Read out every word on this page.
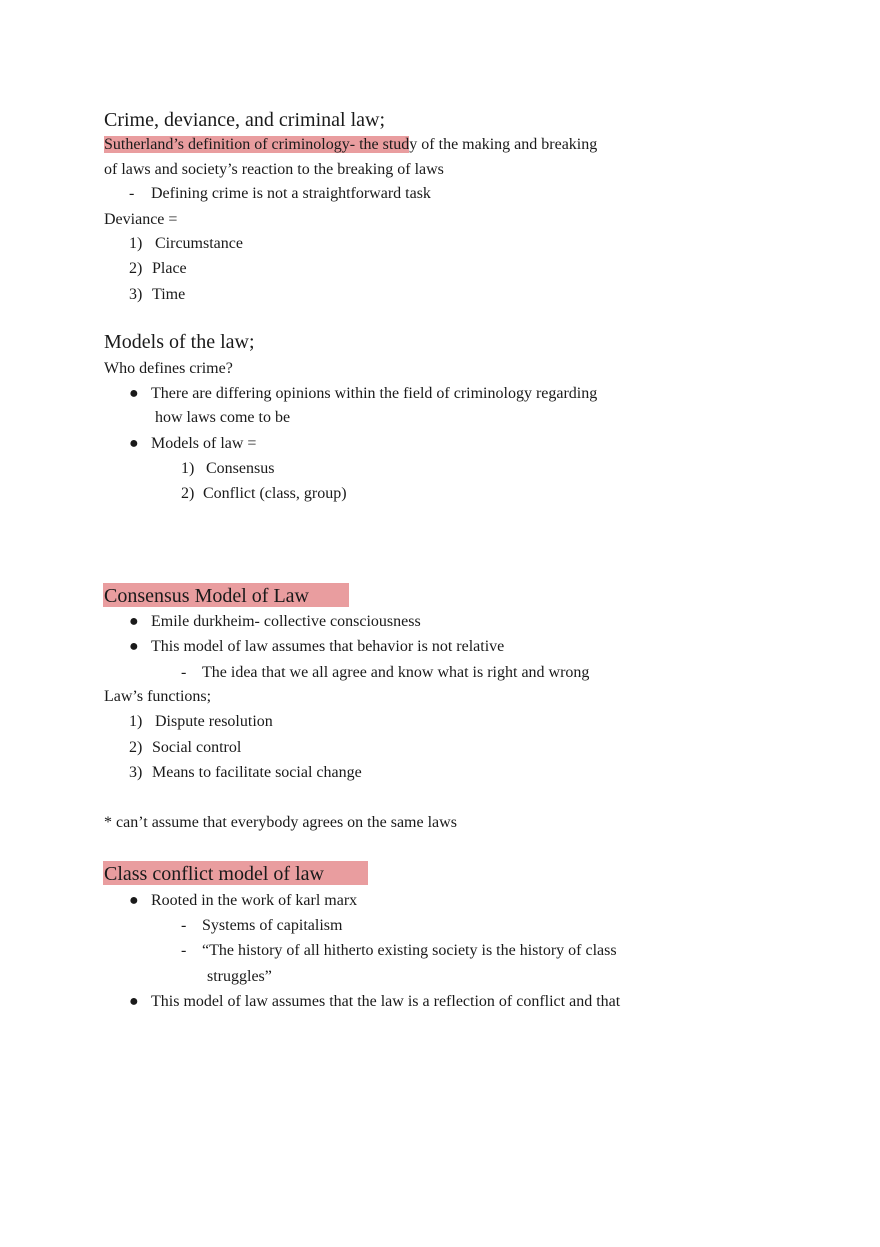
Crime, deviance, and criminal law;
Sutherland’s definition of criminology- the study of the making and breaking
of laws and society’s reaction to the breaking of laws
- Defining crime is not a straightforward task
Deviance =
1) Circumstance
2) Place
3) Time
Models of the law;
Who defines crime?
● There are differing opinions within the field of criminology regarding
how laws come to be
● Models of law =
1) Consensus
2) Conflict (class, group)
Consensus Model of Law
● Emile durkheim- collective consciousness
● This model of law assumes that behavior is not relative
- The idea that we all agree and know what is right and wrong
Law’s functions;
1) Dispute resolution
2) Social control
3) Means to facilitate social change
* can’t assume that everybody agrees on the same laws
Class conflict model of law
● Rooted in the work of karl marx
- Systems of capitalism
- “The history of all hitherto existing society is the history of class
struggles”
● This model of law assumes that the law is a reflection of conflict and that
